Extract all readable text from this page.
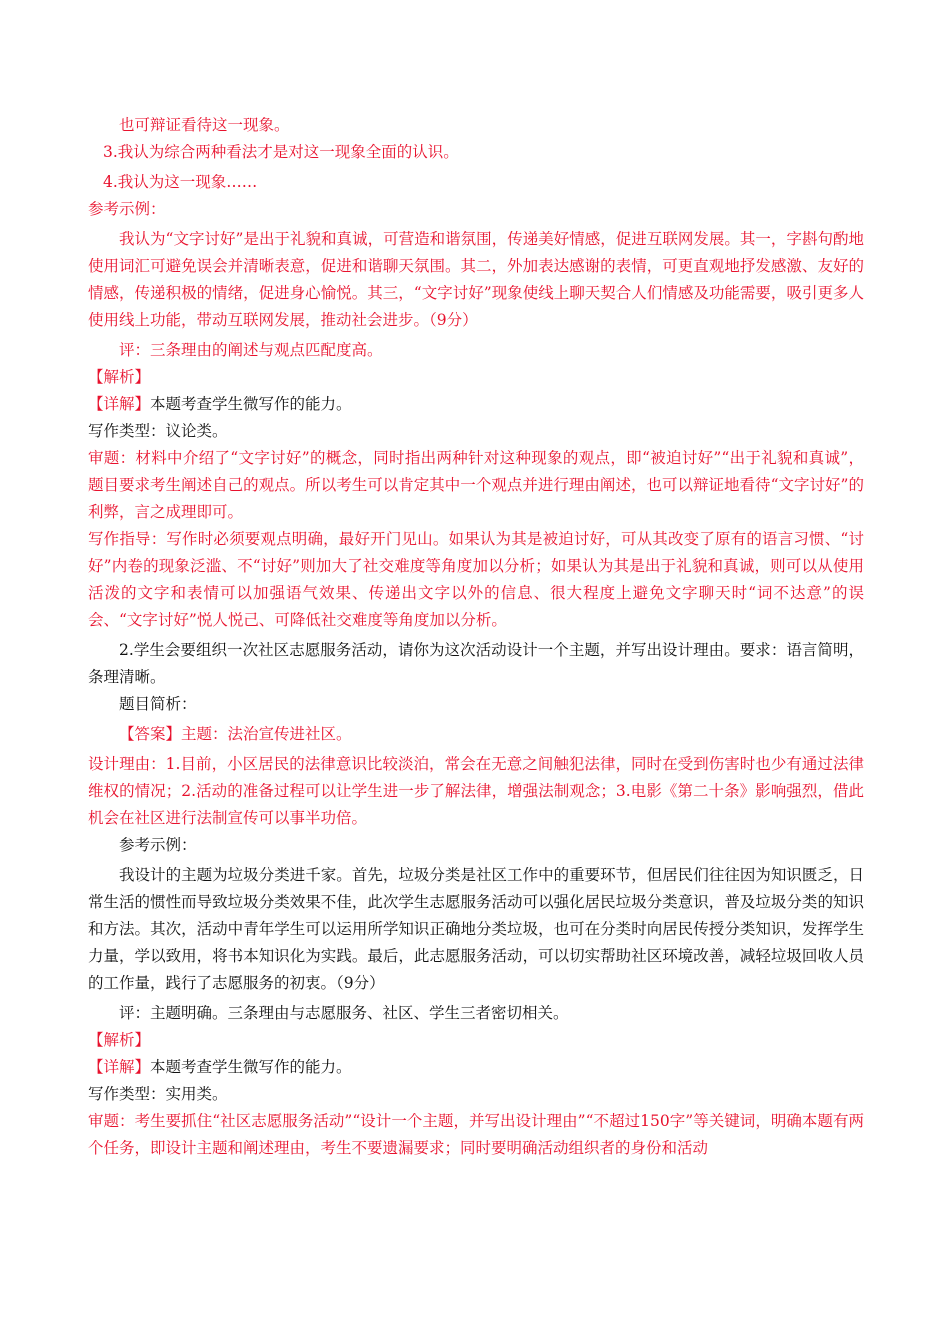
也可辩证看待这一现象。

3.我认为综合两种看法才是对这一现象全面的认识。

4.我认为这一现象……

参考示例：

我认为“文字讨好”是出于礼貌和真诚，可营造和谐氛围，传递美好情感，促进互联网发展。其一，字斟句酌地使用词汇可避免误会并清晰表意，促进和谐聊天氛围。其二，外加表达感谢的表情，可更直观地抒发感激、友好的情感，传递积极的情绪，促进身心愉悦。其三，“文字讨好”现象使线上聊天契合人们情感及功能需要，吸引更多人使用线上功能，带动互联网发展，推动社会进步。（9分）

评：三条理由的阐述与观点匹配度高。

【解析】

【详解】本题考查学生微写作的能力。

写作类型：议论类。

审题：材料中介绍了“文字讨好”的概念，同时指出两种针对这种现象的观点，即“被迫讨好”“出于礼貌和真诚”，题目要求考生阐述自己的观点。所以考生可以肯定其中一个观点并进行理由阐述，也可以辩证地看待“文字讨好”的利弊，言之成理即可。

写作指导：写作时必须要观点明确，最好开门见山。如果认为其是被迫讨好，可从其改变了原有的语言习惯、“讨好”内卷的现象泛滥、不“讨好”则加大了社交难度等角度加以分析；如果认为其是出于礼貌和真诚，则可以从使用活泼的文字和表情可以加强语气效果、传递出文字以外的信息、很大程度上避免文字聊天时“词不达意”的误会、“文字讨好”悦人悦己、可降低社交难度等角度加以分析。

2.学生会要组织一次社区志愿服务活动，请你为这次活动设计一个主题，并写出设计理由。要求：语言简明，条理清晰。

题目简析：

【答案】主题：法治宣传进社区。

设计理由：1.目前，小区居民的法律意识比较淡泊，常会在无意之间触犯法律，同时在受到伤害时也少有通过法律维权的情况；2.活动的准备过程可以让学生进一步了解法律，增强法制观念；3.电影《第二十条》影响强烈，借此机会在社区进行法制宣传可以事半功倍。

参考示例：

我设计的主题为垃圾分类进千家。首先，垃圾分类是社区工作中的重要环节，但居民们往往因为知识匮乏，日常生活的惯性而导致垃圾分类效果不佳，此次学生志愿服务活动可以强化居民垃圾分类意识，普及垃圾分类的知识和方法。其次，活动中青年学生可以运用所学知识正确地分类垃圾，也可在分类时向居民传授分类知识，发挥学生力量，学以致用，将书本知识化为实践。最后，此志愿服务活动，可以切实帮助社区环境改善，减轻垃圾回收人员的工作量，践行了志愿服务的初衷。（9分）

评：主题明确。三条理由与志愿服务、社区、学生三者密切相关。

【解析】

【详解】本题考查学生微写作的能力。

写作类型：实用类。

审题：考生要抓住“社区志愿服务活动”“设计一个主题，并写出设计理由”“不超过150字”等关键词，明确本题有两个任务，即设计主题和阐述理由，考生不要遗漏要求；同时要明确活动组织者的身份和活动
